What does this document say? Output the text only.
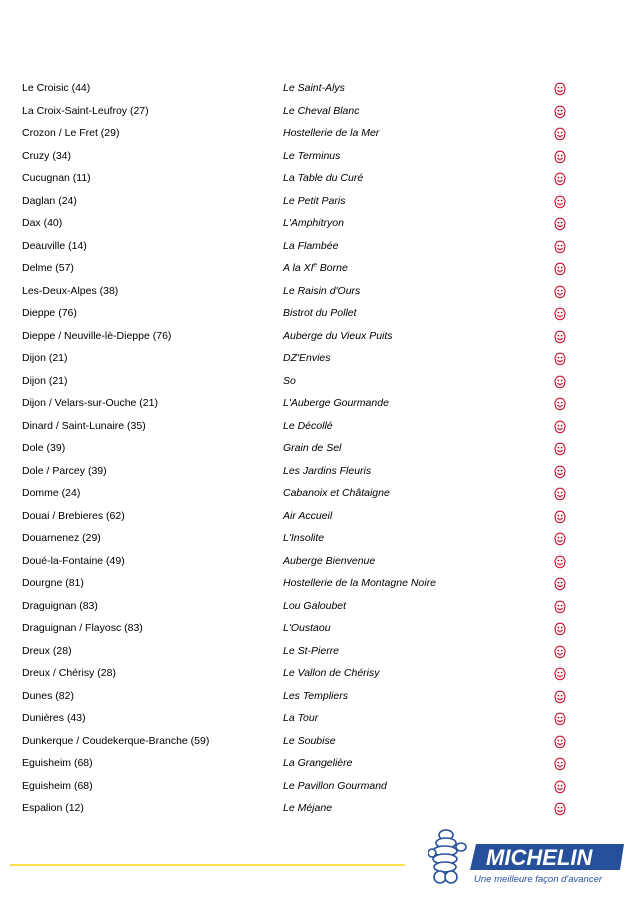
Le Croisic (44)	Le Saint-Alys
La Croix-Saint-Leufroy (27)	Le Cheval Blanc
Crozon / Le Fret (29)	Hostellerie de la Mer
Cruzy (34)	Le Terminus
Cucugnan (11)	La Table du Curé
Daglan (24)	Le Petit Paris
Dax (40)	L'Amphitryon
Deauville (14)	La Flambée
Delme (57)	A la XIe Borne
Les-Deux-Alpes (38)	Le Raisin d'Ours
Dieppe (76)	Bistrot du Pollet
Dieppe / Neuville-lè-Dieppe (76)	Auberge du Vieux Puits
Dijon (21)	DZ'Envies
Dijon (21)	So
Dijon / Velars-sur-Ouche (21)	L'Auberge Gourmande
Dinard / Saint-Lunaire (35)	Le Décollé
Dole (39)	Grain de Sel
Dole / Parcey (39)	Les Jardins Fleuris
Domme (24)	Cabanoix et Châtaigne
Douai / Brebieres (62)	Air Accueil
Douarnenez (29)	L'Insolite
Doué-la-Fontaine (49)	Auberge Bienvenue
Dourgne (81)	Hostellerie de la Montagne Noire
Draguignan (83)	Lou Galoubet
Draguignan / Flayosc (83)	L'Oustaou
Dreux (28)	Le St-Pierre
Dreux / Chérisy (28)	Le Vallon de Chérisy
Dunes (82)	Les Templiers
Dunières (43)	La Tour
Dunkerque / Coudekerque-Branche (59)	Le Soubise
Eguisheim (68)	La Grangelière
Eguisheim (68)	Le Pavillon Gourmand
Espalion (12)	Le Méjane
MICHELIN
Une meilleure façon d'avancer
